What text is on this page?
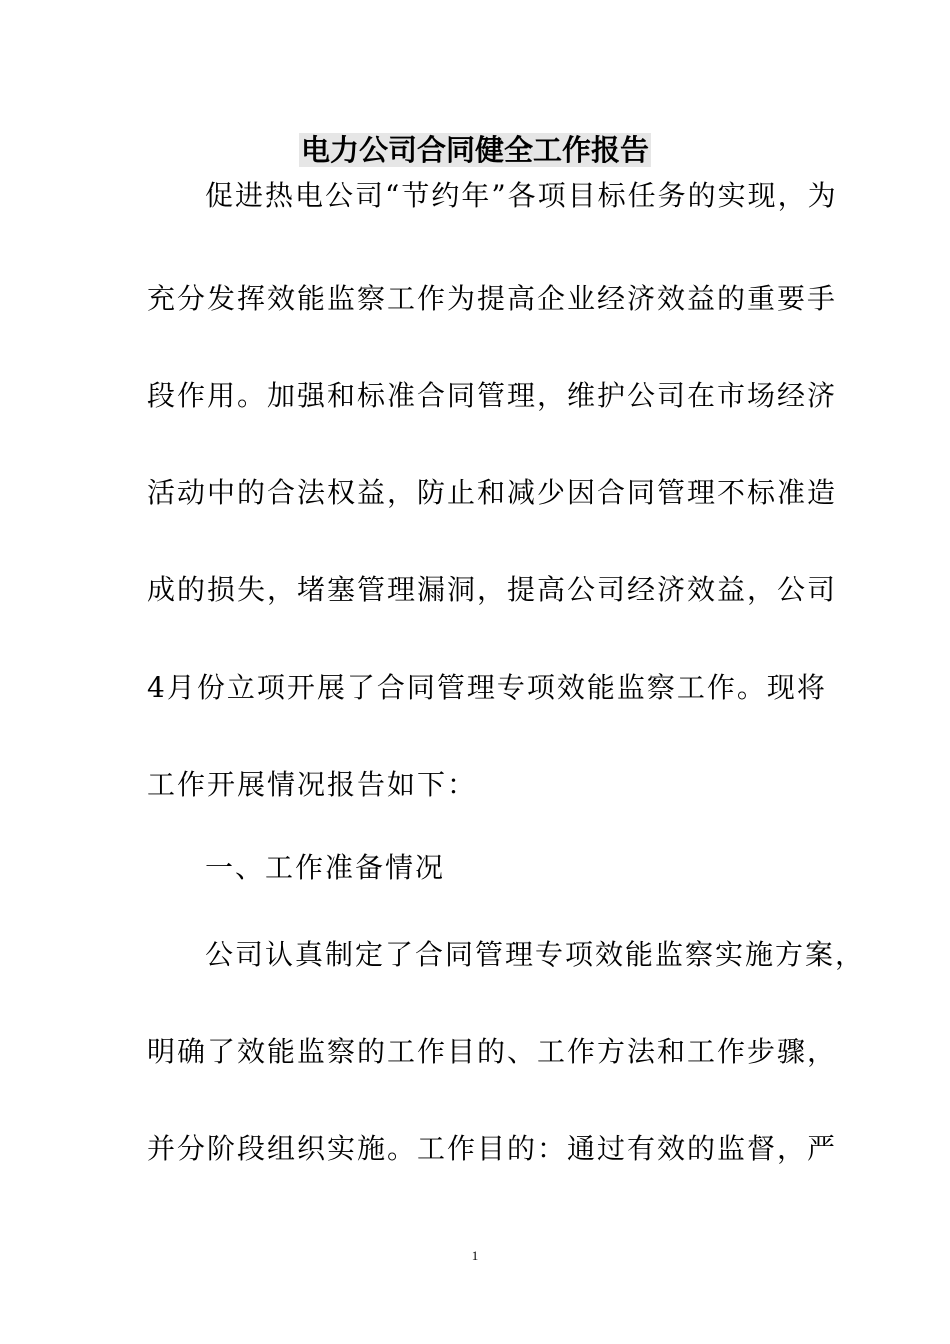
电力公司合同健全工作报告
促进热电公司“节约年”各项目标任务的实现，为
充分发挥效能监察工作为提高企业经济效益的重要手
段作用。加强和标准合同管理，维护公司在市场经济
活动中的合法权益，防止和减少因合同管理不标准造
成的损失，堵塞管理漏洞，提高公司经济效益，公司
4月份立项开展了合同管理专项效能监察工作。现将
工作开展情况报告如下：
一、工作准备情况
公司认真制定了合同管理专项效能监察实施方案，
明确了效能监察的工作目的、工作方法和工作步骤，
并分阶段组织实施。工作目的：通过有效的监督，严
1
